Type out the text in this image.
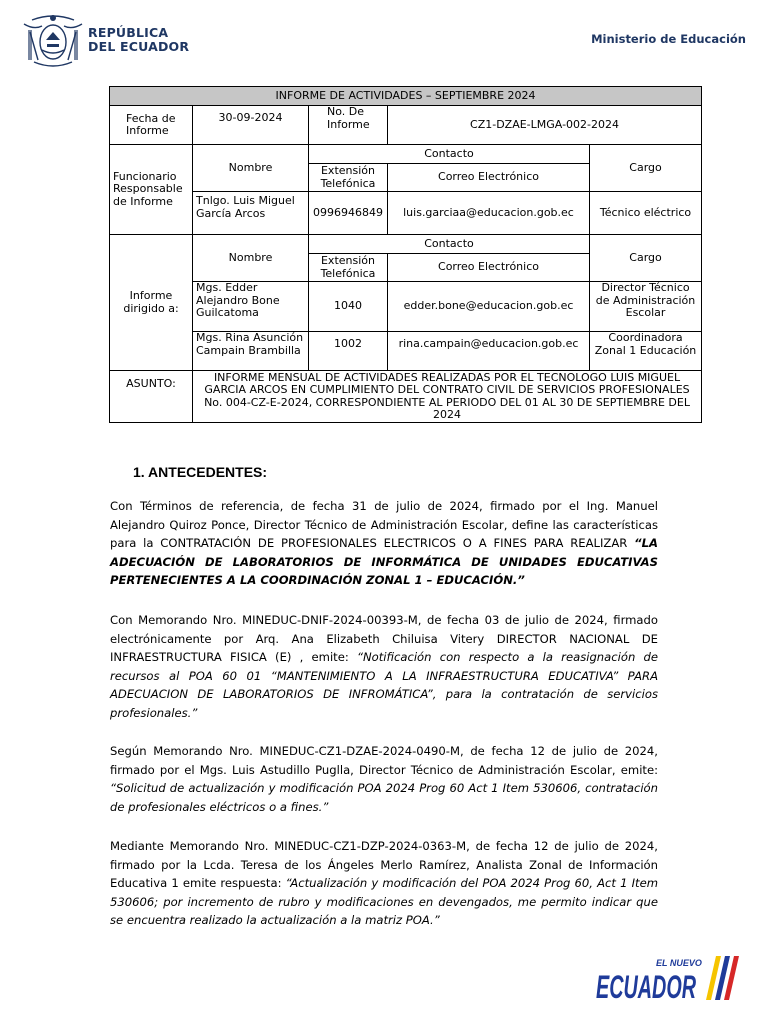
REPÚBLICA
DEL ECUADOR	Ministerio de Educación
INFORME DE ACTIVIDADES – SEPTIEMBRE 2024				
Fecha de Informe	30-09-2024	No. De Informe	CZ1-DZAE-LMGA-002-2024	
Funcionario Responsable de Informe	Nombre	Contacto		Cargo
		Extensión Telefónica	Correo Electrónico	
	Tnlgo. Luis Miguel García Arcos	0996946849	luis.garciaa@educacion.gob.ec	Técnico eléctrico
Informe dirigido a:	Nombre	Contacto		Cargo
		Extensión Telefónica	Correo Electrónico	
	Mgs. Edder Alejandro Bone Guilcatoma	1040	edder.bone@educacion.gob.ec	Director Técnico de Administración Escolar
	Mgs. Rina Asunción Campain Brambilla	1002	rina.campain@educacion.gob.ec	Coordinadora Zonal 1 Educación
ASUNTO:	INFORME MENSUAL DE ACTIVIDADES REALIZADAS POR EL TECNOLOGO LUIS MIGUEL GARCIA ARCOS EN CUMPLIMIENTO DEL CONTRATO CIVIL DE SERVICIOS PROFESIONALES No. 004-CZ-E-2024, CORRESPONDIENTE AL PERIODO DEL 01 AL 30 DE SEPTIEMBRE DEL 2024			
1. ANTECEDENTES:
Con Términos de referencia, de fecha 31 de julio de 2024, firmado por el Ing. Manuel Alejandro Quiroz Ponce, Director Técnico de Administración Escolar, define las características para la CONTRATACIÓN DE PROFESIONALES ELECTRICOS O A FINES PARA REALIZAR “LA ADECUACIÓN DE LABORATORIOS DE INFORMÁTICA DE UNIDADES EDUCATIVAS PERTENECIENTES A LA COORDINACIÓN ZONAL 1 – EDUCACIÓN.”
Con Memorando Nro. MINEDUC-DNIF-2024-00393-M, de fecha 03 de julio de 2024, firmado electrónicamente por Arq. Ana Elizabeth Chiluisa Vitery DIRECTOR NACIONAL DE INFRAESTRUCTURA FISICA (E) , emite: “Notificación con respecto a la reasignación de recursos al POA 60 01 “MANTENIMIENTO A LA INFRAESTRUCTURA EDUCATIVA” PARA ADECUACION DE LABORATORIOS DE INFROMÁTICA”, para la contratación de servicios profesionales.”
Según Memorando Nro. MINEDUC-CZ1-DZAE-2024-0490-M, de fecha 12 de julio de 2024, firmado por el Mgs. Luis Astudillo Puglla, Director Técnico de Administración Escolar, emite: “Solicitud de actualización y modificación POA 2024 Prog 60 Act 1 Item 530606, contratación de profesionales eléctricos o a fines.”
Mediante Memorando Nro. MINEDUC-CZ1-DZP-2024-0363-M, de fecha 12 de julio de 2024, firmado por la Lcda. Teresa de los Ángeles Merlo Ramírez, Analista Zonal de Información Educativa 1 emite respuesta: “Actualización y modificación del POA 2024 Prog 60, Act 1 Item 530606; por incremento de rubro y modificaciones en devengados, me permito indicar que se encuentra realizado la actualización a la matriz POA.”
EL NUEVO
ECUADOR
